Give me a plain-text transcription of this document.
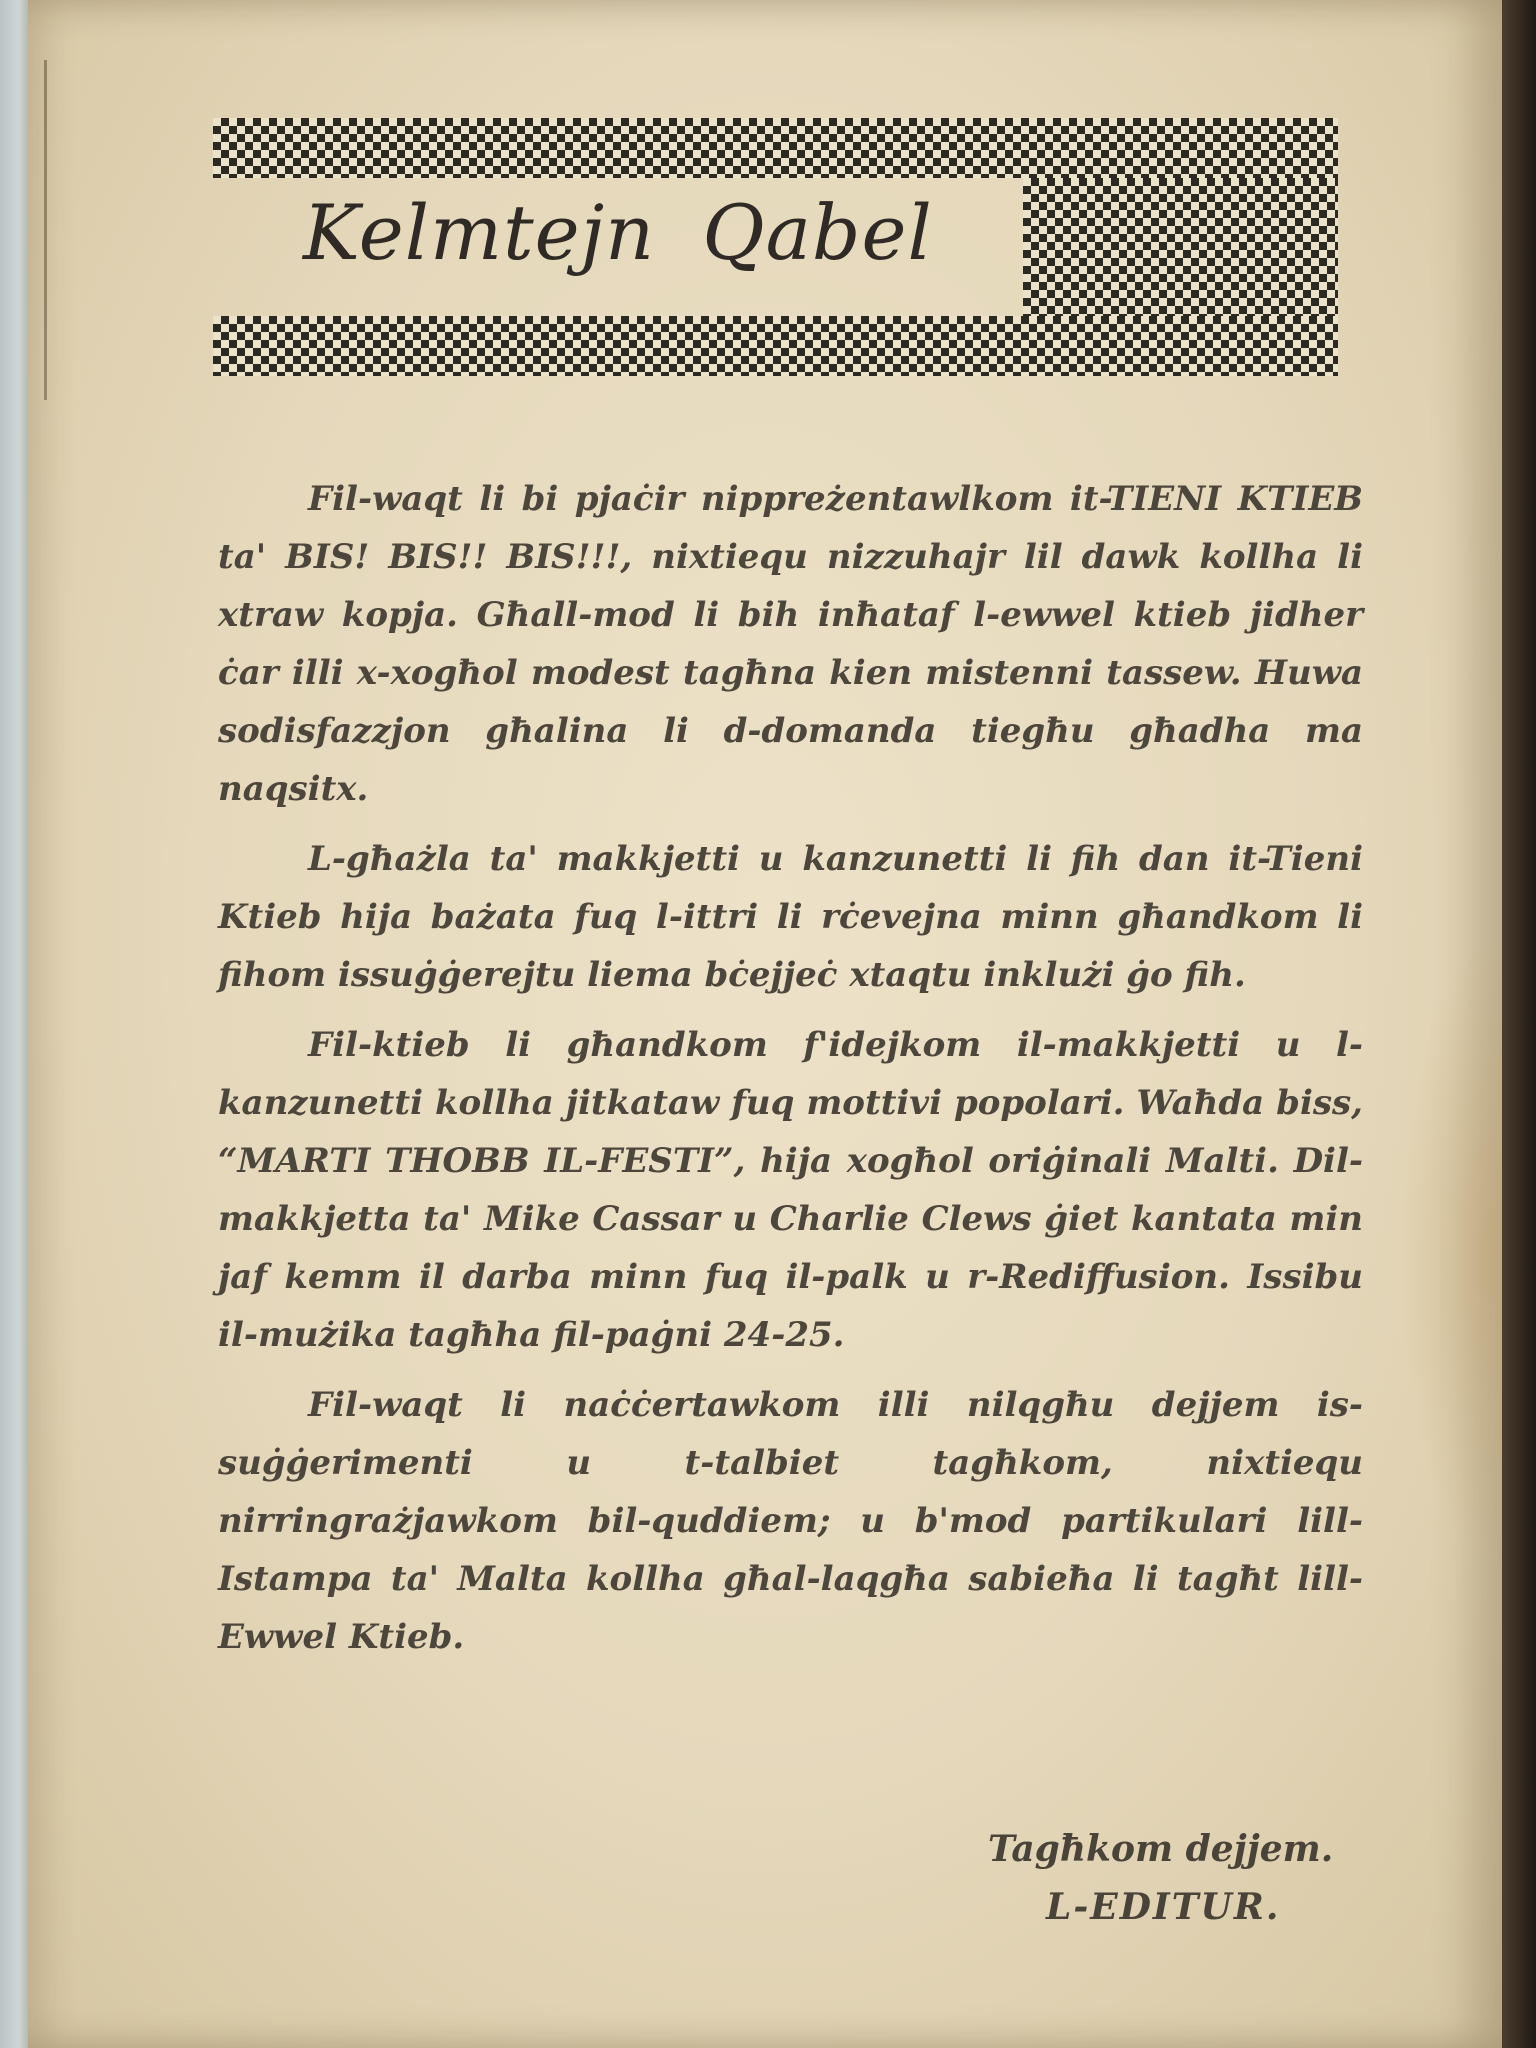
Kelmtejn Qabel

Fil-waqt li bi pjaċir nippreżentawlkom it-TIENI KTIEB ta' BIS! BIS!! BIS!!!, nixtiequ nizzuhajr lil dawk kollha li xtraw kopja. Għall-mod li bih inħataf l-ewwel ktieb jidher ċar illi x-xogħol modest tagħna kien mistenni tassew. Huwa sodisfazzjon għalina li d-domanda tiegħu għadha ma naqsitx.

L-għażla ta' makkjetti u kanzunetti li fih dan it-Tieni Ktieb hija bażata fuq l-ittri li rċevejna minn għandkom li fihom issuġġerejtu liema bċejjeċ xtaqtu inklużi ġo fih.

Fil-ktieb li għandkom f'idejkom il-makkjetti u l-kanzunetti kollha jitkataw fuq mottivi popolari. Waħda biss, “MARTI THOBB IL-FESTI”, hija xogħol oriġinali Malti. Dil-makkjetta ta' Mike Cassar u Charlie Clews ġiet kantata min jaf kemm il darba minn fuq il-palk u r-Rediffusion. Issibu il-mużika tagħha fil-paġni 24-25.

Fil-waqt li naċċertawkom illi nilqgħu dejjem is-suġġerimenti u t-talbiet tagħkom, nixtiequ nirringrażjawkom bil-quddiem; u b'mod partikulari lill-Istampa ta' Malta kollha għal-laqgħa sabieħa li tagħt lill-Ewwel Ktieb.

Tagħkom dejjem.
L-EDITUR.
